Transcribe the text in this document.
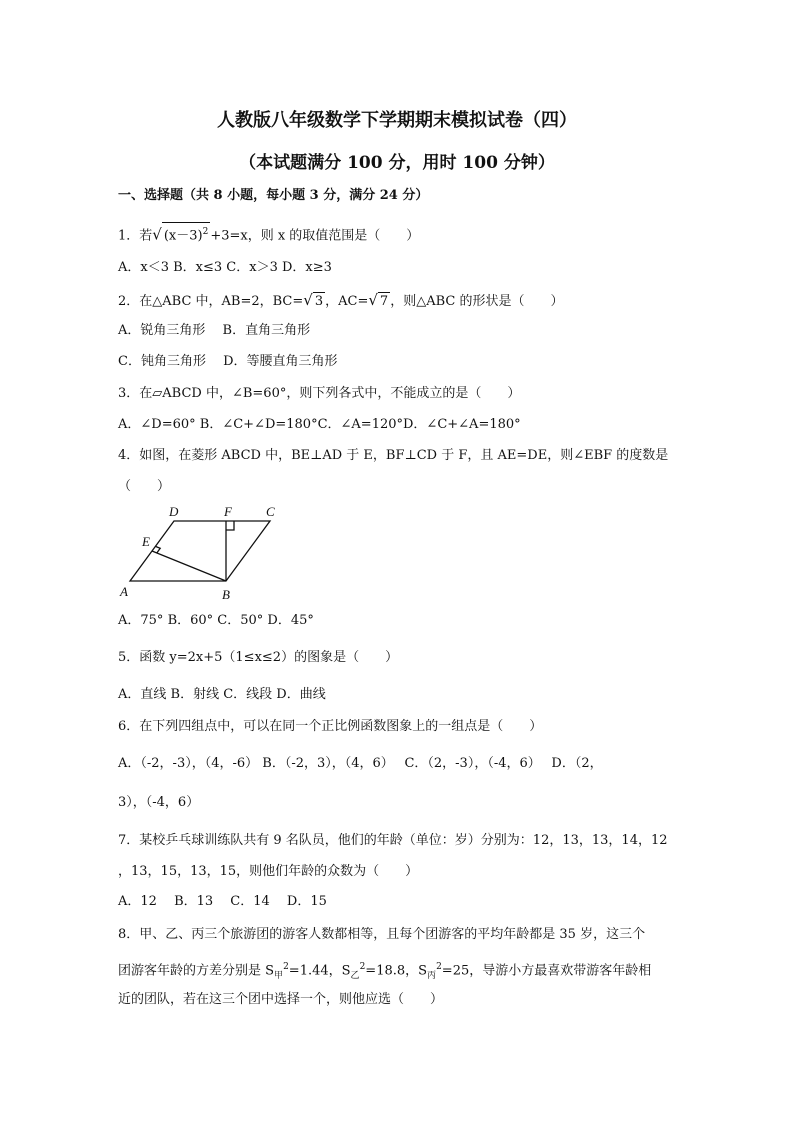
人教版八年级数学下学期期末模拟试卷（四）
（本试题满分 100 分，用时 100 分钟）
一、选择题（共 8 小题，每小题 3 分，满分 24 分）
1．若√ $(x-3)^2 +3=x$，则 x 的取值范围是（　　）
A．x＜3 B．x≤3 C．x＞3 D．x≥3
2．在△ABC 中，AB=2，BC=√ 3 ，AC=√ 7 ，则△ABC 的形状是（　　）
A．锐角三角形　 B．直角三角形
C．钝角三角形　 D．等腰直角三角形
3．在▱ABCD 中，∠B=60°，则下列各式中，不能成立的是（　　）
A．∠D=60° B．∠C+∠D=180°C．∠A=120°D．∠C+∠A=180°
4．如图，在菱形 ABCD 中，BE⊥AD 于 E，BF⊥CD 于 F，且 AE=DE，则∠EBF 的度数是
（　　）
A	B
C
D
E
F
A．75° B．60° C．50° D．45°
5．函数 y=2x+5（1≤x≤2）的图象是（　　）
A．直线 B．射线 C．线段 D．曲线
6．在下列四组点中，可以在同一个正比例函数图象上的一组点是（　　）
A．（-2，-3），（4，-6） B．（-2，3），（4，6）　 C．（2，-3），（-4，6）　 D．（2，
3），（-4，6）
7．某校乒乓球训练队共有 9 名队员，他们的年龄（单位：岁）分别为：12，13，13，14，12
，13，15，13，15，则他们年龄的众数为（　　）
A．12　 B．13　 C．14　 D．15
8．甲、乙、丙三个旅游团的游客人数都相等，且每个团游客的平均年龄都是 35 岁，这三个
团游客年龄的方差分别是 $S_甲^2=1.44$，$S_乙^2=18.8$，$S_丙^2=25$，导游小方最喜欢带游客年龄相
近的团队，若在这三个团中选择一个，则他应选（　　）
